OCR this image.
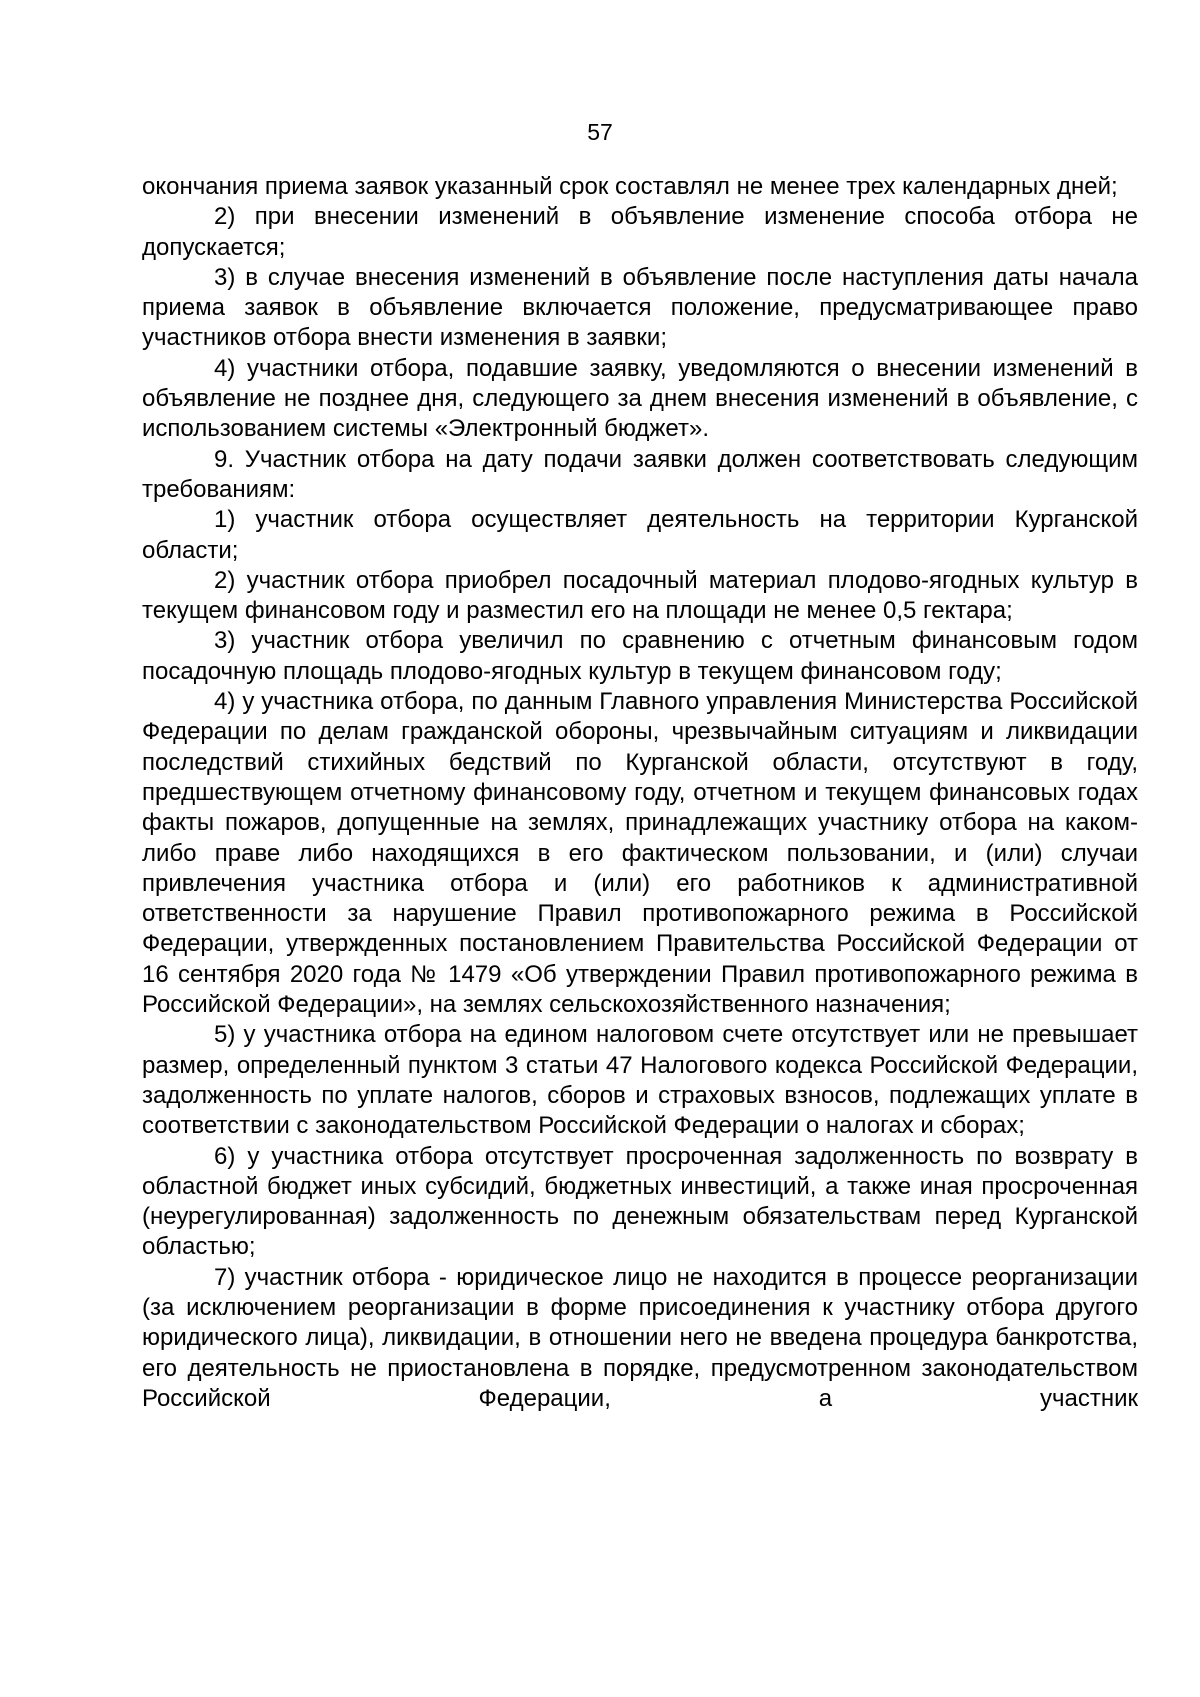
57

окончания приема заявок указанный срок составлял не менее трех календарных дней;

2) при внесении изменений в объявление изменение способа отбора не допускается;

3) в случае внесения изменений в объявление после наступления даты начала приема заявок в объявление включается положение, предусматривающее право участников отбора внести изменения в заявки;

4) участники отбора, подавшие заявку, уведомляются о внесении изменений в объявление не позднее дня, следующего за днем внесения изменений в объявление, с использованием системы «Электронный бюджет».

9. Участник отбора на дату подачи заявки должен соответствовать следующим требованиям:

1) участник отбора осуществляет деятельность на территории Курганской области;

2) участник отбора приобрел посадочный материал плодово-ягодных культур в текущем финансовом году и разместил его на площади не менее 0,5 гектара;

3) участник отбора увеличил по сравнению с отчетным финансовым годом посадочную площадь плодово-ягодных культур в текущем финансовом году;

4) у участника отбора, по данным Главного управления Министерства Российской Федерации по делам гражданской обороны, чрезвычайным ситуациям и ликвидации последствий стихийных бедствий по Курганской области, отсутствуют в году, предшествующем отчетному финансовому году, отчетном и текущем финансовых годах факты пожаров, допущенные на землях, принадлежащих участнику отбора на каком-либо праве либо находящихся в его фактическом пользовании, и (или) случаи привлечения участника отбора и (или) его работников к административной ответственности за нарушение Правил противопожарного режима в Российской Федерации, утвержденных постановлением Правительства Российской Федерации от 16 сентября 2020 года № 1479 «Об утверждении Правил противопожарного режима в Российской Федерации», на землях сельскохозяйственного назначения;

5) у участника отбора на едином налоговом счете отсутствует или не превышает размер, определенный пунктом 3 статьи 47 Налогового кодекса Российской Федерации, задолженность по уплате налогов, сборов и страховых взносов, подлежащих уплате в соответствии с законодательством Российской Федерации о налогах и сборах;

6) у участника отбора отсутствует просроченная задолженность по возврату в областной бюджет иных субсидий, бюджетных инвестиций, а также иная просроченная (неурегулированная) задолженность по денежным обязательствам перед Курганской областью;

7) участник отбора - юридическое лицо не находится в процессе реорганизации (за исключением реорганизации в форме присоединения к участнику отбора другого юридического лица), ликвидации, в отношении него не введена процедура банкротства, его деятельность не приостановлена в порядке, предусмотренном законодательством Российской Федерации, а участник
